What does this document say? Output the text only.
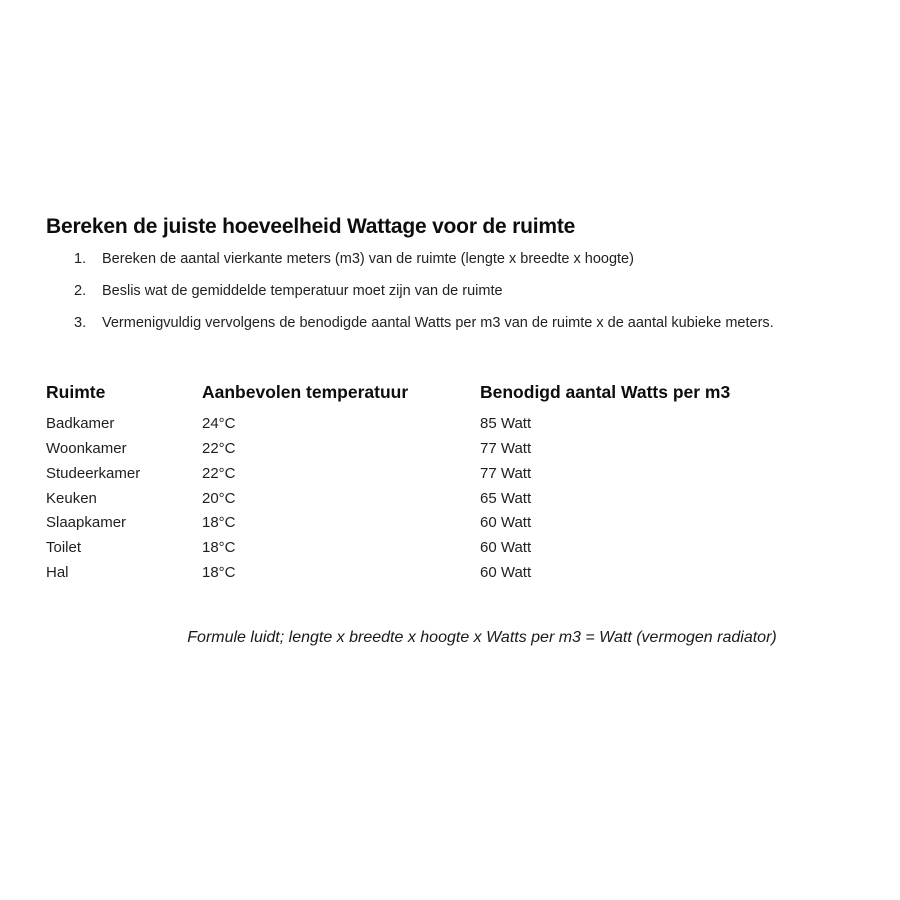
Bereken de juiste hoeveelheid Wattage voor de ruimte
Bereken de aantal vierkante meters (m3) van de ruimte (lengte x breedte x hoogte)
Beslis wat de gemiddelde temperatuur moet zijn van de ruimte
Vermenigvuldig vervolgens de benodigde aantal Watts per m3 van de ruimte x de aantal kubieke meters.
Ruimte	Aanbevolen temperatuur	Benodigd aantal Watts per m3
Badkamer	24°C	85 Watt
Woonkamer	22°C	77 Watt
Studeerkamer	22°C	77 Watt
Keuken	20°C	65 Watt
Slaapkamer	18°C	60 Watt
Toilet	18°C	60 Watt
Hal	18°C	60 Watt
Formule luidt; lengte x breedte x hoogte x Watts per m3 = Watt (vermogen radiator)
